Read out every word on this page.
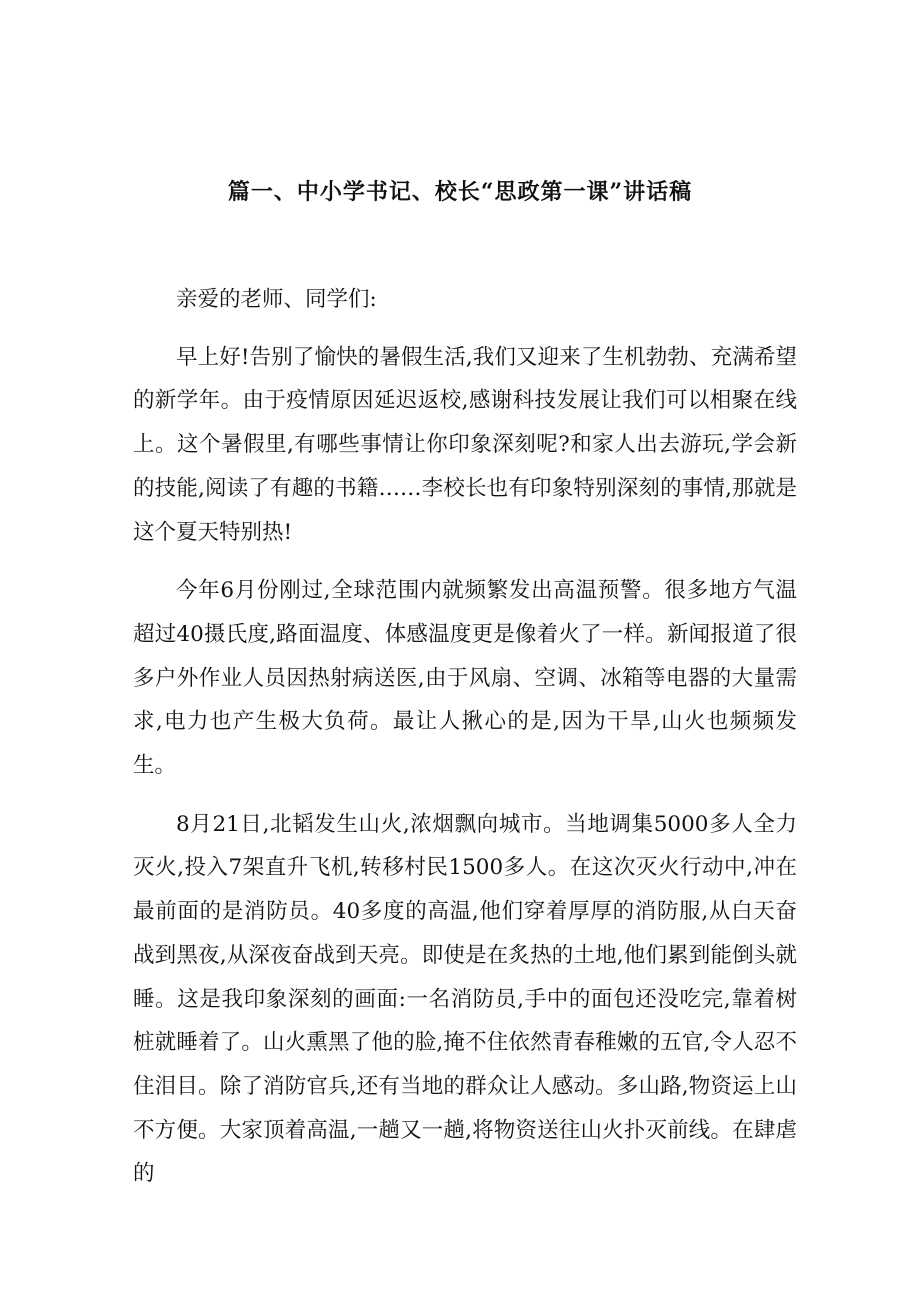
篇一、中小学书记、校长“思政第一课”讲话稿

亲爱的老师、同学们:

早上好!告别了愉快的暑假生活,我们又迎来了生机勃勃、充满希望的新学年。由于疫情原因延迟返校,感谢科技发展让我们可以相聚在线上。这个暑假里,有哪些事情让你印象深刻呢?和家人出去游玩,学会新的技能,阅读了有趣的书籍……李校长也有印象特别深刻的事情,那就是这个夏天特别热!

今年6月份刚过,全球范围内就频繁发出高温预警。很多地方气温超过40摄氏度,路面温度、体感温度更是像着火了一样。新闻报道了很多户外作业人员因热射病送医,由于风扇、空调、冰箱等电器的大量需求,电力也产生极大负荷。最让人揪心的是,因为干旱,山火也频频发生。

8月21日,北韬发生山火,浓烟飘向城市。当地调集5000多人全力灭火,投入7架直升飞机,转移村民1500多人。在这次灭火行动中,冲在最前面的是消防员。40多度的高温,他们穿着厚厚的消防服,从白天奋战到黑夜,从深夜奋战到天亮。即使是在炙热的土地,他们累到能倒头就睡。这是我印象深刻的画面:一名消防员,手中的面包还没吃完,靠着树桩就睡着了。山火熏黑了他的脸,掩不住依然青春稚嫩的五官,令人忍不住泪目。除了消防官兵,还有当地的群众让人感动。多山路,物资运上山不方便。大家顶着高温,一趟又一趟,将物资送往山火扑灭前线。在肆虐的
